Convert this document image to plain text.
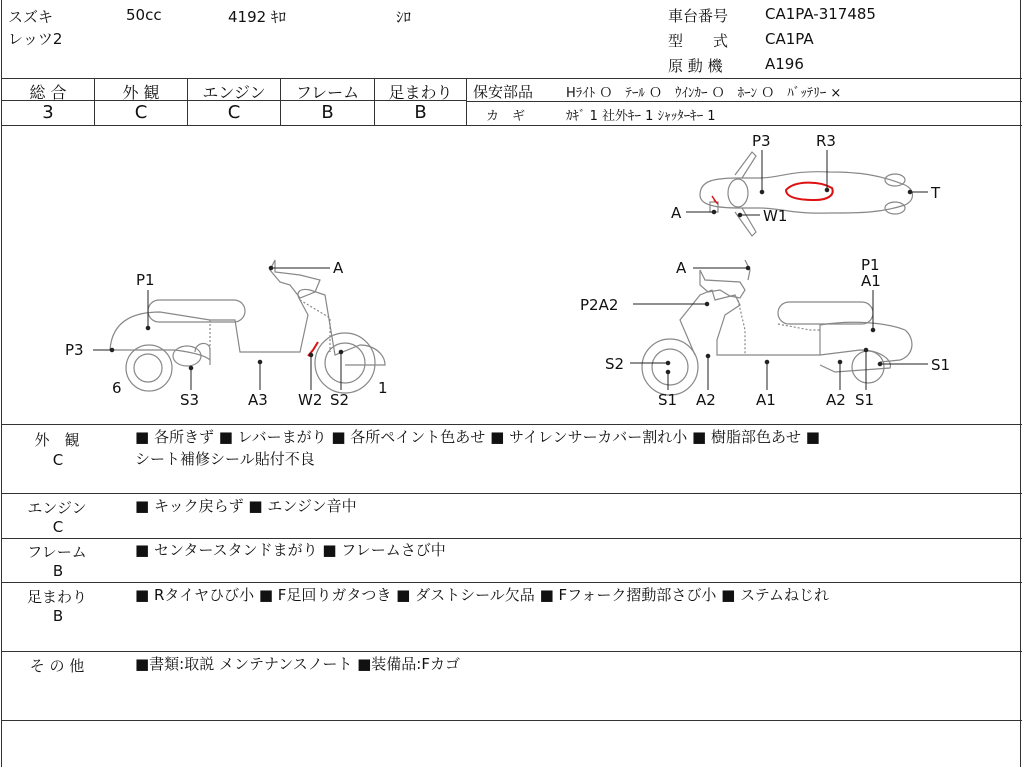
スズキ	50cc	4192 ｷﾛ	ｼﾛ
レッツ2
車台番号 CA1PA-317485
型　　式 CA1PA
原 動 機	A196
総 合	外 観	エンジン	フレーム	足まわり
3	C	C	B	B
保安部品	Hﾗｲﾄ Ｏ　ﾃｰﾙ Ｏ　ｳｲﾝｶｰ Ｏ　ﾎｰﾝ Ｏ　ﾊﾞｯﾃﾘｰ ×
カ　ギ	ｶｷﾞ 1 社外ｷｰ 1 ｼｬｯﾀｰｷｰ 1
P1
A
P3
6
S3	A3 W2 S2
1
A	P1
A1
P2A2
S2
S1 A2	A1	A2 S1
S1
P3	R3
T
A	W1
外　観
C
■ 各所きず ■ レバーまがり ■ 各所ペイント色あせ ■ サイレンサーカバー割れ小 ■ 樹脂部色あせ ■
シート補修シール貼付不良
エンジン
C
■ キック戻らず ■ エンジン音中
フレーム
B
■ センタースタンドまがり ■ フレームさび中
足まわり
B
■ Rタイヤひび小 ■ F足回りガタつき ■ ダストシール欠品 ■ Fフォーク摺動部さび小 ■ ステムねじれ
そ の 他	■書類:取説 メンテナンスノート ■装備品:Fカゴ
